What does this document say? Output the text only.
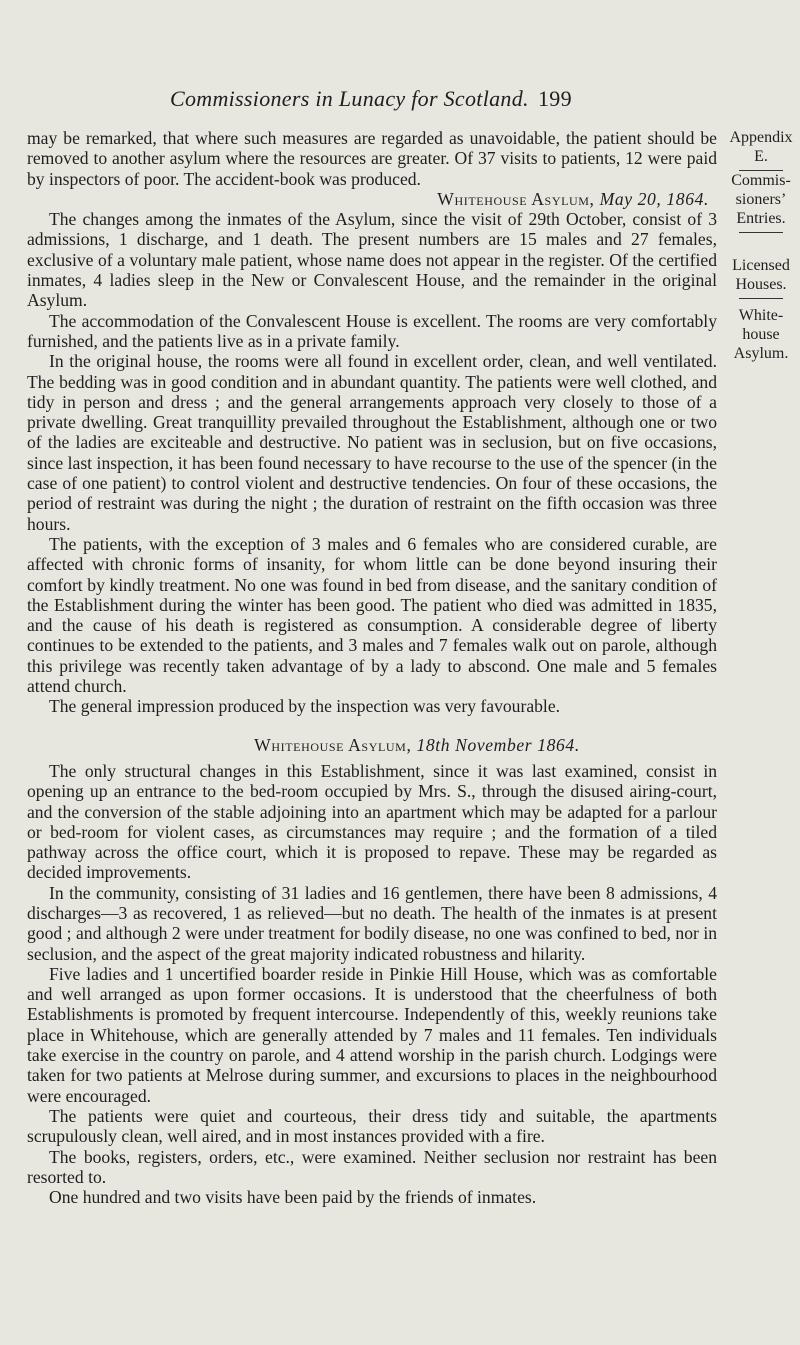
Commissioners in Lunacy for Scotland. 199

may be remarked, that where such measures are regarded as unavoidable, the patient should be removed to another asylum where the resources are greater. Of 37 visits to patients, 12 were paid by inspectors of poor. The accident-book was produced.

Whitehouse Asylum, May 20, 1864.

The changes among the inmates of the Asylum, since the visit of 29th October, consist of 3 admissions, 1 discharge, and 1 death. The present numbers are 15 males and 27 females, exclusive of a voluntary male patient, whose name does not appear in the register. Of the certified inmates, 4 ladies sleep in the New or Convalescent House, and the remainder in the original Asylum.

The accommodation of the Convalescent House is excellent. The rooms are very comfortably furnished, and the patients live as in a private family.

In the original house, the rooms were all found in excellent order, clean, and well ventilated. The bedding was in good condition and in abundant quantity. The patients were well clothed, and tidy in person and dress ; and the general arrangements approach very closely to those of a private dwelling. Great tranquillity prevailed throughout the Establishment, although one or two of the ladies are exciteable and destructive. No patient was in seclusion, but on five occasions, since last inspection, it has been found necessary to have recourse to the use of the spencer (in the case of one patient) to control violent and destructive tendencies. On four of these occasions, the period of restraint was during the night ; the duration of restraint on the fifth occasion was three hours.

The patients, with the exception of 3 males and 6 females who are considered curable, are affected with chronic forms of insanity, for whom little can be done beyond insuring their comfort by kindly treatment. No one was found in bed from disease, and the sanitary condition of the Establishment during the winter has been good. The patient who died was admitted in 1835, and the cause of his death is registered as consumption. A considerable degree of liberty continues to be extended to the patients, and 3 males and 7 females walk out on parole, although this privilege was recently taken advantage of by a lady to abscond. One male and 5 females attend church.

The general impression produced by the inspection was very favourable.

Whitehouse Asylum, 18th November 1864.

The only structural changes in this Establishment, since it was last examined, consist in opening up an entrance to the bed-room occupied by Mrs. S., through the disused airing-court, and the conversion of the stable adjoining into an apartment which may be adapted for a parlour or bed-room for violent cases, as circumstances may require ; and the formation of a tiled pathway across the office court, which it is proposed to repave. These may be regarded as decided improvements.

In the community, consisting of 31 ladies and 16 gentlemen, there have been 8 admissions, 4 discharges—3 as recovered, 1 as relieved—but no death. The health of the inmates is at present good ; and although 2 were under treatment for bodily disease, no one was confined to bed, nor in seclusion, and the aspect of the great majority indicated robustness and hilarity.

Five ladies and 1 uncertified boarder reside in Pinkie Hill House, which was as comfortable and well arranged as upon former occasions. It is understood that the cheerfulness of both Establishments is promoted by frequent intercourse. Independently of this, weekly reunions take place in Whitehouse, which are generally attended by 7 males and 11 females. Ten individuals take exercise in the country on parole, and 4 attend worship in the parish church. Lodgings were taken for two patients at Melrose during summer, and excursions to places in the neighbourhood were encouraged.

The patients were quiet and courteous, their dress tidy and suitable, the apartments scrupulously clean, well aired, and in most instances provided with a fire.

The books, registers, orders, etc., were examined. Neither seclusion nor restraint has been resorted to.

One hundred and two visits have been paid by the friends of inmates.

Appendix
E.
Commis-
sioners’
Entries.
Licensed
Houses.
White-
house
Asylum.
